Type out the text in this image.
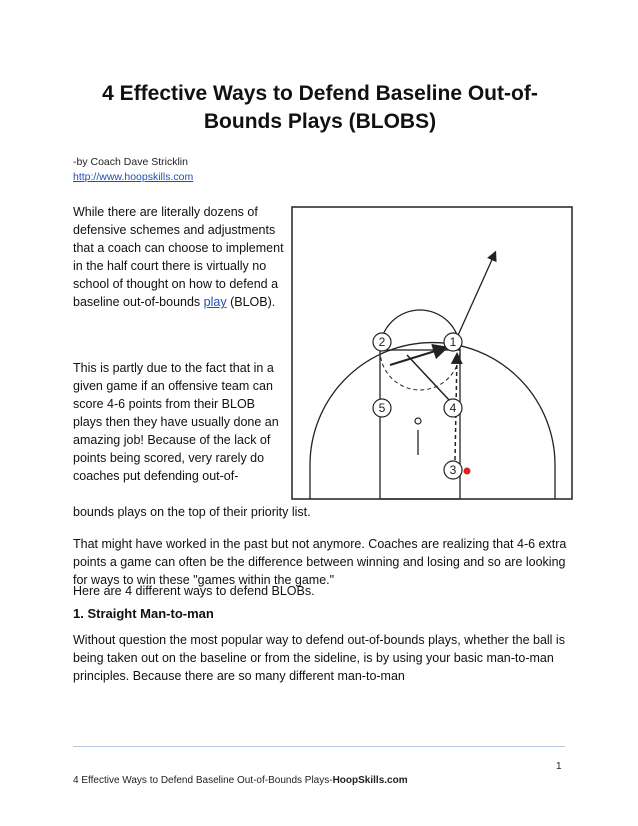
4 Effective Ways to Defend Baseline Out-of-Bounds Plays (BLOBS)
-by Coach Dave Stricklin
http://www.hoopskills.com
While there are literally dozens of defensive schemes and adjustments that a coach can choose to implement in the half court there is virtually no school of thought on how to defend a baseline out-of-bounds play (BLOB).
This is partly due to the fact that in a given game if an offensive team can score 4-6 points from their BLOB plays then they have usually done an amazing job! Because of the lack of points being scored, very rarely do coaches put defending out-of-
bounds plays on the top of their priority list.
That might have worked in the past but not anymore. Coaches are realizing that 4-6 extra points a game can often be the difference between winning and losing and so are looking for ways to win these "games within the game."
Here are 4 different ways to defend BLOBs.
1. Straight Man-to-man
Without question the most popular way to defend out-of-bounds plays, whether the ball is being taken out on the baseline or from the sideline, is by using your basic man-to-man principles. Because there are so many different man-to-man
1
2
3
4
5
1
4 Effective Ways to Defend Baseline Out-of-Bounds Plays-HoopSkills.com
